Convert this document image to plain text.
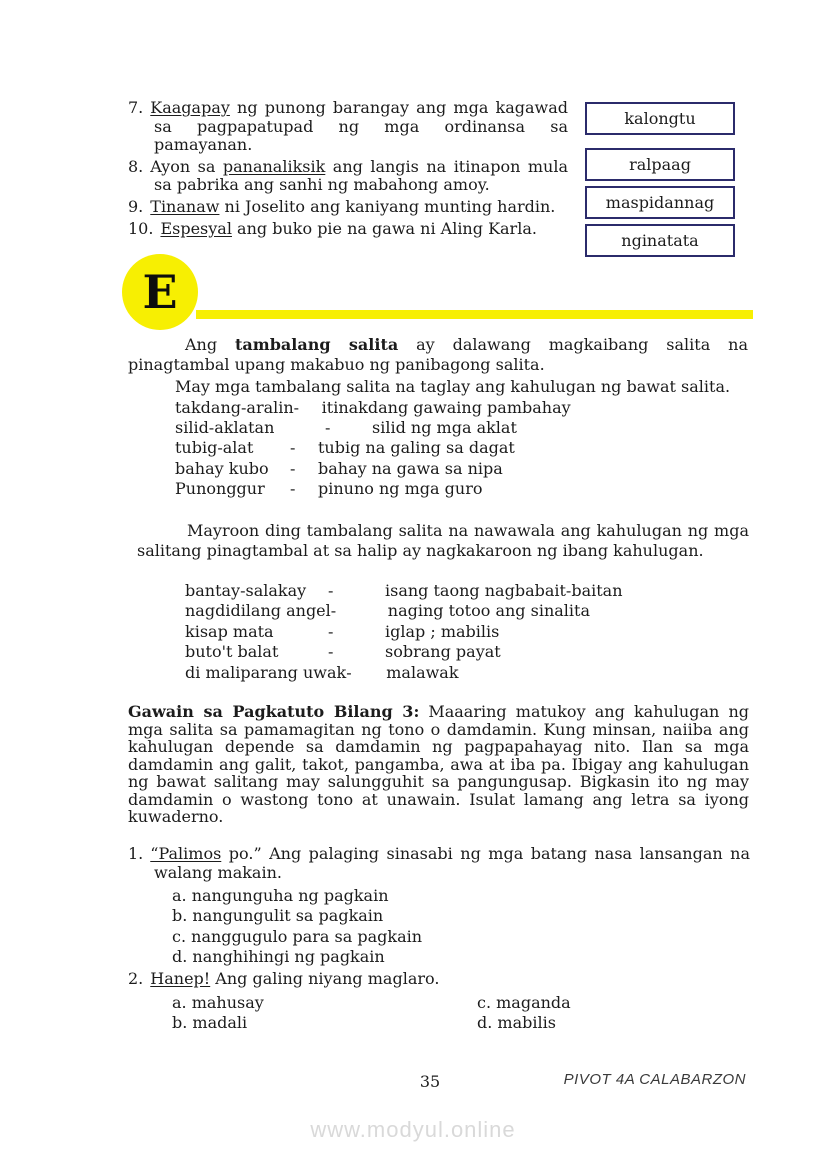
7. Kaagapay ng punong barangay ang mga kagawad sa pagpapatupad ng mga ordinansa sa pamayanan.
8. Ayon sa pananaliksik ang langis na itinapon mula sa pabrika ang sanhi ng mabahong amoy.
9. Tinanaw ni Joselito ang kaniyang munting hardin.
10. Espesyal ang buko pie na gawa ni Aling Karla.
kalongtu
ralpaag
maspidannag
nginatata
E
Ang tambalang salita ay dalawang magkaibang salita na pinagtambal upang makabuo ng panibagong salita.
May mga tambalang salita na taglay ang kahulugan ng bawat salita.
takdang-aralin -	itinakdang gawaing pambahay
silid-aklatan	-	silid ng mga aklat
tubig-alat	-	tubig na galing sa dagat
bahay kubo	-	bahay na gawa sa nipa
Punonggur	-	pinuno ng mga guro
Mayroon ding tambalang salita na nawawala ang kahulugan ng mga salitang pinagtambal at sa halip ay nagkakaroon ng ibang kahulugan.
bantay-salakay	-	isang taong nagbabait-baitan
nagdidilang angel -	naging totoo ang sinalita
kisap mata	-	iglap ; mabilis
buto't balat	-	sobrang payat
di maliparang uwak -	malawak
Gawain sa Pagkatuto Bilang 3: Maaaring matukoy ang kahulugan ng mga salita sa pamamagitan ng tono o damdamin. Kung minsan, naiiba ang kahulugan depende sa damdamin ng pagpapahayag nito. Ilan sa mga damdamin ang galit, takot, pangamba, awa at iba pa. Ibigay ang kahulugan ng bawat salitang may salungguhit sa pangungusap. Bigkasin ito ng may damdamin o wastong tono at unawain. Isulat lamang ang letra sa iyong kuwaderno.
1. “Palimos po.” Ang palaging sinasabi ng mga batang nasa lansangan na walang makain.
a. nangunguha ng pagkain
b. nangungulit sa pagkain
c. nanggugulo para sa pagkain
d. nanghihingi ng pagkain
2. Hanep! Ang galing niyang maglaro.
a. mahusay	c. maganda
b. madali	d. mabilis
35	PIVOT 4A CALABARZON
www.modyul.online
